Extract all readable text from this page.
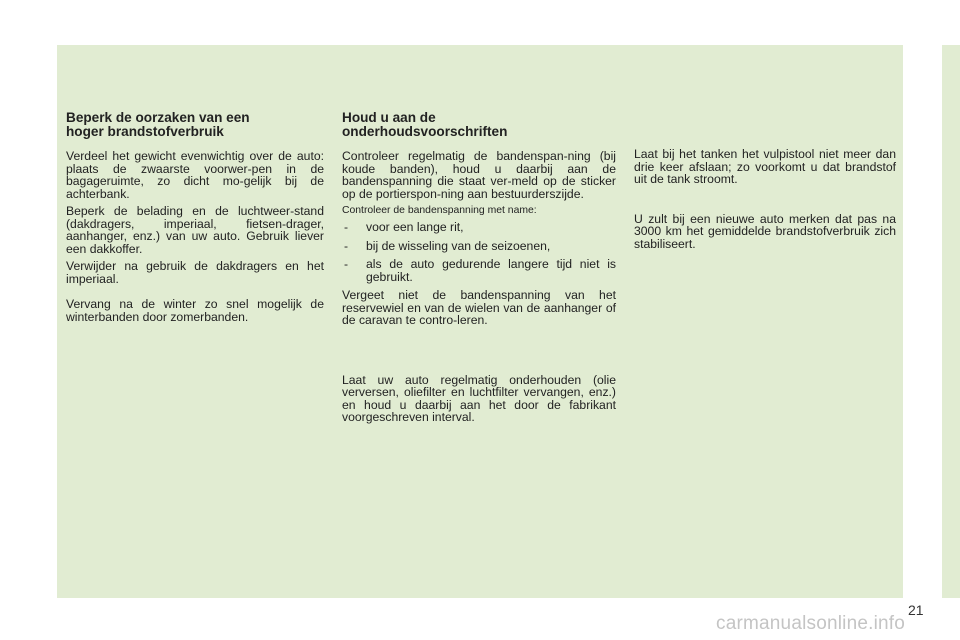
Beperk de oorzaken van een
hoger brandstofverbruik

Verdeel het gewicht evenwichtig over de auto: plaats de zwaarste voorwer-pen in de bagageruimte, zo dicht mo-gelijk bij de achterbank.

Beperk de belading en de luchtweer-stand (dakdragers, imperiaal, fietsen-drager, aanhanger, enz.) van uw auto. Gebruik liever een dakkoffer.

Verwijder na gebruik de dakdragers en het imperiaal.

Vervang na de winter zo snel mogelijk de winterbanden door zomerbanden.

Houd u aan de
onderhoudsvoorschriften

Controleer regelmatig de bandenspan-ning (bij koude banden), houd u daarbij aan de bandenspanning die staat ver-meld op de sticker op de portierspon-ning aan bestuurderszijde.

Controleer de bandenspanning met name:

- voor een lange rit,
- bij de wisseling van de seizoenen,
- als de auto gedurende langere tijd niet is gebruikt.

Vergeet niet de bandenspanning van het reservewiel en van de wielen van de aanhanger of de caravan te contro-leren.

Laat uw auto regelmatig onderhouden (olie verversen, oliefilter en luchtfilter vervangen, enz.) en houd u daarbij aan het door de fabrikant voorgeschreven interval.

Laat bij het tanken het vulpistool niet meer dan drie keer afslaan; zo voorkomt u dat brandstof uit de tank stroomt.

U zult bij een nieuwe auto merken dat pas na 3000 km het gemiddelde brandstofverbruik zich stabiliseert.

21
carmanualsonline.info
